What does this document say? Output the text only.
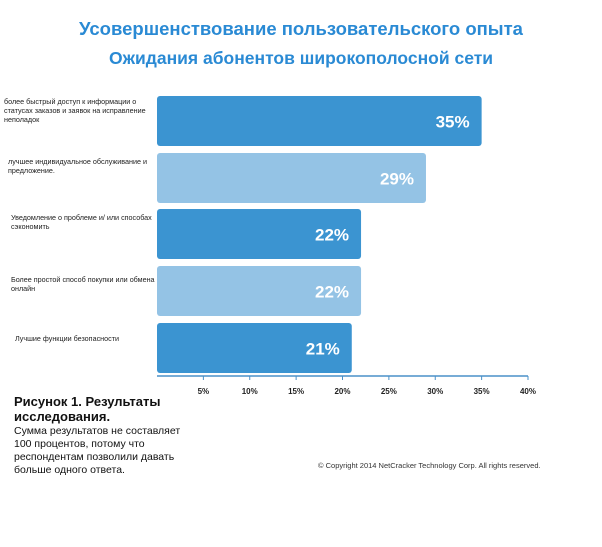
Усовершенствование пользовательского опыта
Ожидания абонентов широкополосной сети
5%	10%	15%	20%	25%	30%	35%	40%
35%
29%
22%
22%
21%
более быстрый доступ к информации о статусах заказов и заявок на исправление неполадок
лучшее индивидуальное обслуживание и предложение.
Уведомление о проблеме и/ или способах сэкономить
Более простой способ покупки или обмена онлайн
Лучшие функции безопасности
Рисунок 1. Результаты исследования.
Сумма результатов не составляет 100 процентов, потому что респондентам позволили давать больше одного ответа.	© Copyright 2014 NetCracker Technology Corp. All rights reserved.
